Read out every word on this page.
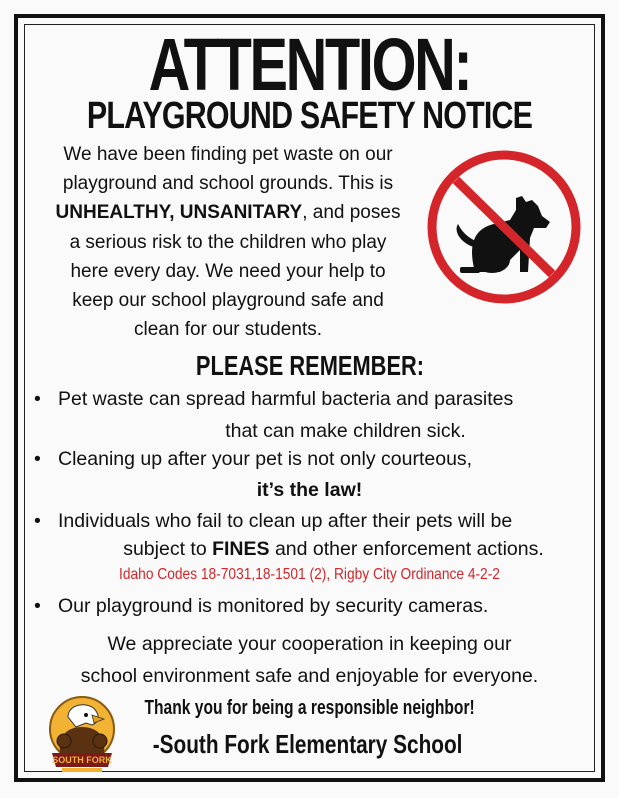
ATTENTION:
PLAYGROUND SAFETY NOTICE
We have been finding pet waste on our
playground and school grounds. This is
UNHEALTHY, UNSANITARY, and poses
a serious risk to the children who play
here every day. We need your help to
keep our school playground safe and
clean for our students.
PLEASE REMEMBER:
• Pet waste can spread harmful bacteria and parasites
that can make children sick.
• Cleaning up after your pet is not only courteous,
it’s the law!
• Individuals who fail to clean up after their pets will be
subject to FINES and other enforcement actions.
Idaho Codes 18-7031,18-1501 (2), Rigby City Ordinance 4-2-2
• Our playground is monitored by security cameras.
We appreciate your cooperation in keeping our
school environment safe and enjoyable for everyone.
SOUTH FORK
Thank you for being a responsible neighbor!
-South Fork Elementary School
